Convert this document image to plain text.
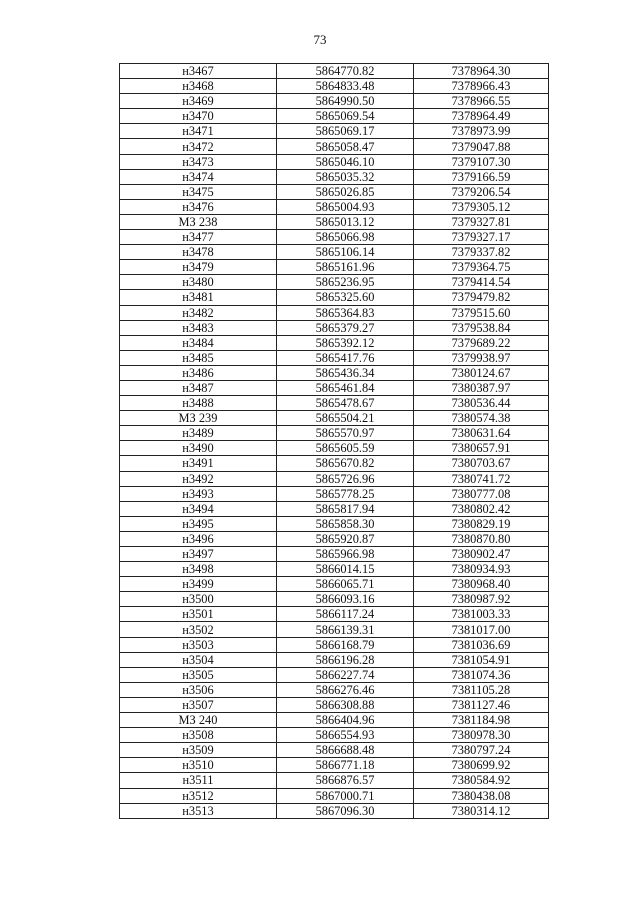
73
н3467	5864770.82	7378964.30
н3468	5864833.48	7378966.43
н3469	5864990.50	7378966.55
н3470	5865069.54	7378964.49
н3471	5865069.17	7378973.99
н3472	5865058.47	7379047.88
н3473	5865046.10	7379107.30
н3474	5865035.32	7379166.59
н3475	5865026.85	7379206.54
н3476	5865004.93	7379305.12
МЗ 238	5865013.12	7379327.81
н3477	5865066.98	7379327.17
н3478	5865106.14	7379337.82
н3479	5865161.96	7379364.75
н3480	5865236.95	7379414.54
н3481	5865325.60	7379479.82
н3482	5865364.83	7379515.60
н3483	5865379.27	7379538.84
н3484	5865392.12	7379689.22
н3485	5865417.76	7379938.97
н3486	5865436.34	7380124.67
н3487	5865461.84	7380387.97
н3488	5865478.67	7380536.44
МЗ 239	5865504.21	7380574.38
н3489	5865570.97	7380631.64
н3490	5865605.59	7380657.91
н3491	5865670.82	7380703.67
н3492	5865726.96	7380741.72
н3493	5865778.25	7380777.08
н3494	5865817.94	7380802.42
н3495	5865858.30	7380829.19
н3496	5865920.87	7380870.80
н3497	5865966.98	7380902.47
н3498	5866014.15	7380934.93
н3499	5866065.71	7380968.40
н3500	5866093.16	7380987.92
н3501	5866117.24	7381003.33
н3502	5866139.31	7381017.00
н3503	5866168.79	7381036.69
н3504	5866196.28	7381054.91
н3505	5866227.74	7381074.36
н3506	5866276.46	7381105.28
н3507	5866308.88	7381127.46
МЗ 240	5866404.96	7381184.98
н3508	5866554.93	7380978.30
н3509	5866688.48	7380797.24
н3510	5866771.18	7380699.92
н3511	5866876.57	7380584.92
н3512	5867000.71	7380438.08
н3513	5867096.30	7380314.12
